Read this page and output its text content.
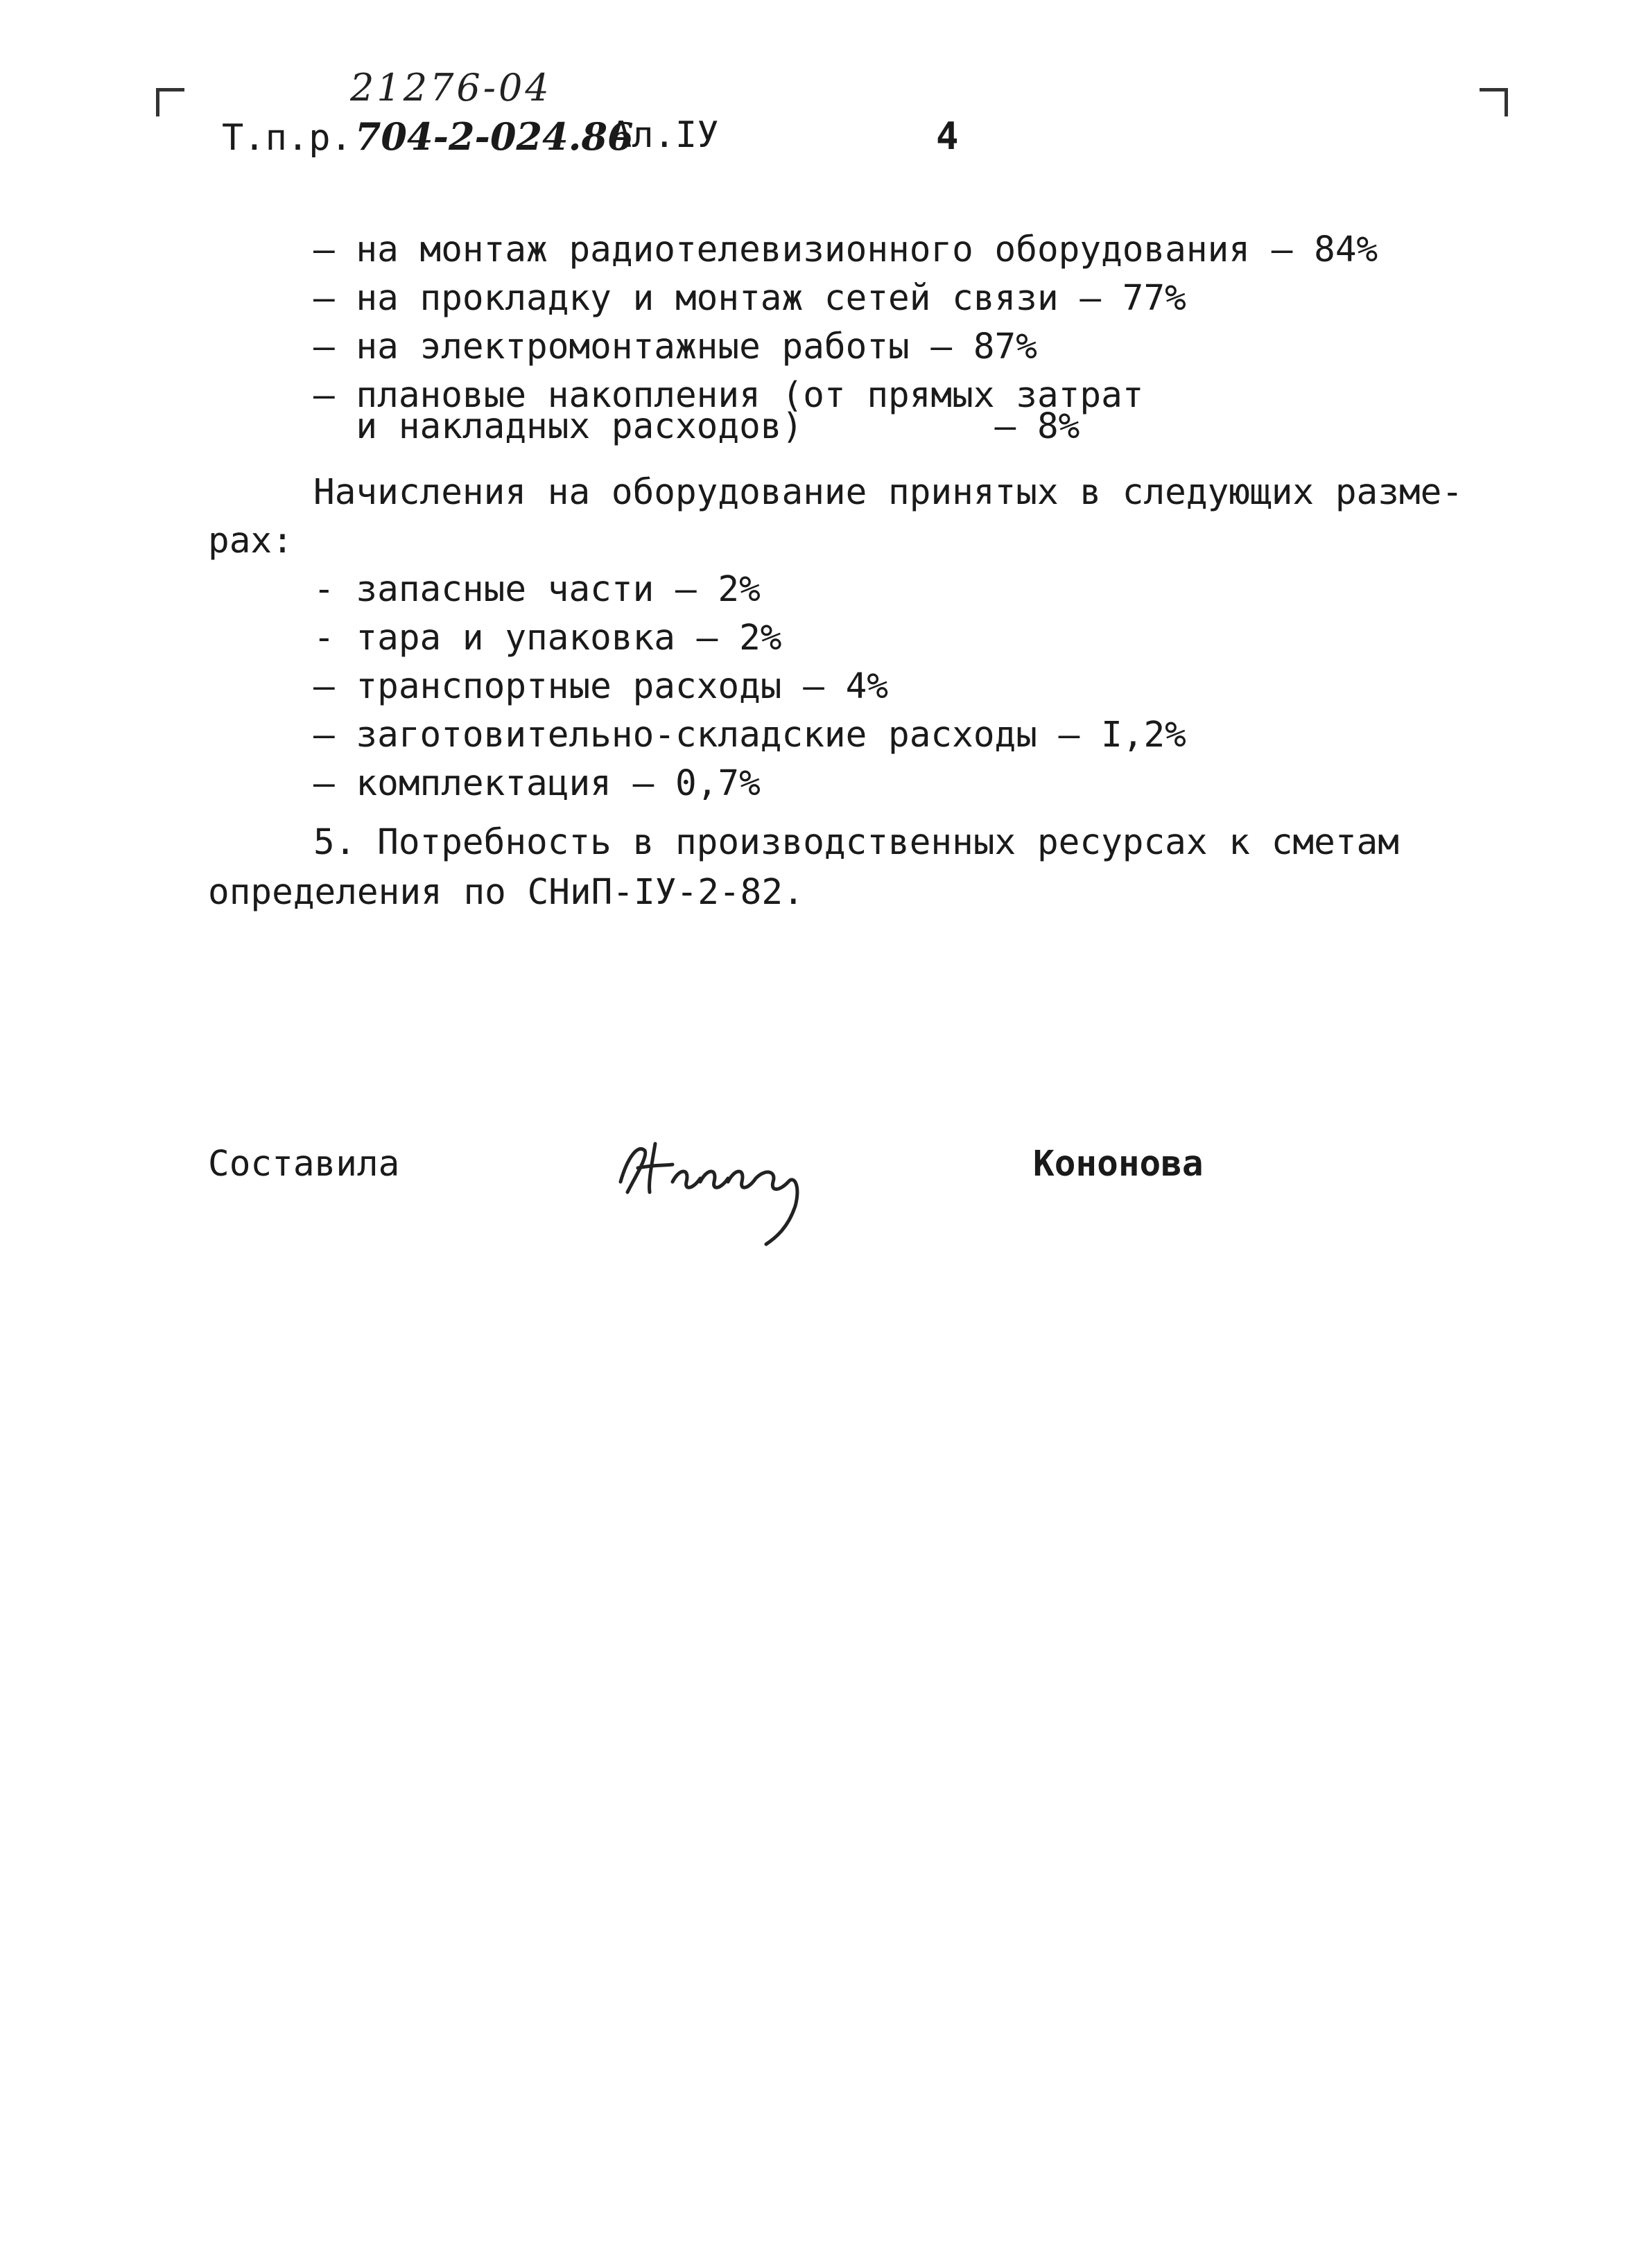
21276-04
Т.п.р.704-2-024.86
Ал.IУ	4
– на монтаж радиотелевизионного оборудования – 84%
– на прокладку и монтаж сетей связи – 77%
– на электромонтажные работы – 87%
– плановые накопления (от прямых затрат
и накладных расходов)         – 8%
Начисления на оборудование принятых в следующих разме-
рах:
- запасные части – 2%
- тара и упаковка – 2%
– транспортные расходы – 4%
– заготовительно-складские расходы – I,2%
– комплектация – 0,7%
5. Потребность в производственных ресурсах к сметам
определения по СНиП-IУ-2-82.
Составила	Кононова
